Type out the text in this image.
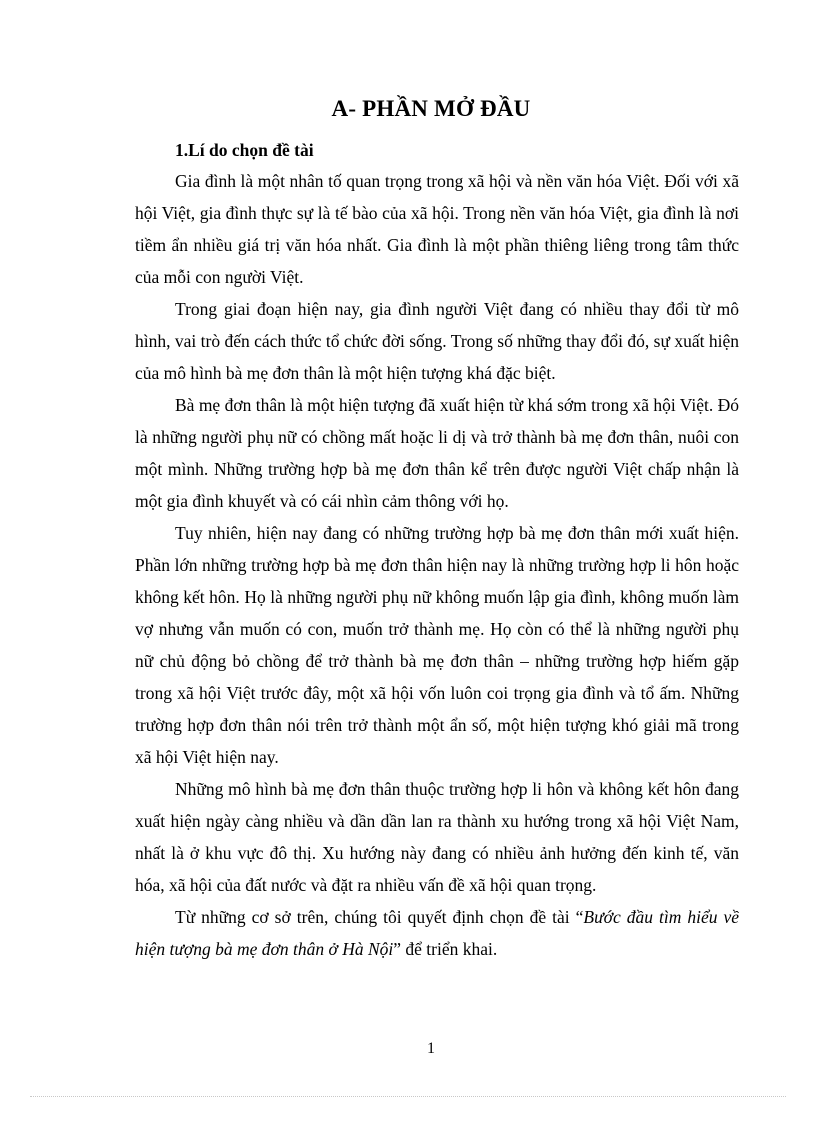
A- PHẦN MỞ ĐẦU
1.Lí do chọn đề tài

Gia đình là một nhân tố quan trọng trong xã hội và nền văn hóa Việt. Đối với xã hội Việt, gia đình thực sự là tế bào của xã hội. Trong nền văn hóa Việt, gia đình là nơi tiềm ẩn nhiều giá trị văn hóa nhất. Gia đình là một phần thiêng liêng trong tâm thức của mỗi con người Việt.

Trong giai đoạn hiện nay, gia đình người Việt đang có nhiều thay đổi từ mô hình, vai trò đến cách thức tổ chức đời sống. Trong số những thay đổi đó, sự xuất hiện của mô hình bà mẹ đơn thân là một hiện tượng khá đặc biệt.

Bà mẹ đơn thân là một hiện tượng đã xuất hiện từ khá sớm trong xã hội Việt. Đó là những người phụ nữ có chồng mất hoặc li dị và trở thành bà mẹ đơn thân, nuôi con một mình. Những trường hợp bà mẹ đơn thân kể trên được người Việt chấp nhận là một gia đình khuyết và có cái nhìn cảm thông với họ.

Tuy nhiên, hiện nay đang có những trường hợp bà mẹ đơn thân mới xuất hiện. Phần lớn những trường hợp bà mẹ đơn thân hiện nay là những trường hợp li hôn hoặc không kết hôn. Họ là những người phụ nữ không muốn lập gia đình, không muốn làm vợ nhưng vẫn muốn có con, muốn trở thành mẹ. Họ còn có thể là những người phụ nữ chủ động bỏ chồng để trở thành bà mẹ đơn thân – những trường hợp hiếm gặp trong xã hội Việt trước đây, một xã hội vốn luôn coi trọng gia đình và tổ ấm. Những trường hợp đơn thân nói trên trở thành một ẩn số, một hiện tượng khó giải mã trong xã hội Việt hiện nay.

Những mô hình bà mẹ đơn thân thuộc trường hợp li hôn và không kết hôn đang xuất hiện ngày càng nhiều và dần dần lan ra thành xu hướng trong xã hội Việt Nam, nhất là ở khu vực đô thị. Xu hướng này đang có nhiều ảnh hưởng đến kinh tế, văn hóa, xã hội của đất nước và đặt ra nhiều vấn đề xã hội quan trọng.

Từ những cơ sở trên, chúng tôi quyết định chọn đề tài “Bước đầu tìm hiểu về hiện tượng bà mẹ đơn thân ở Hà Nội” để triển khai.

1
